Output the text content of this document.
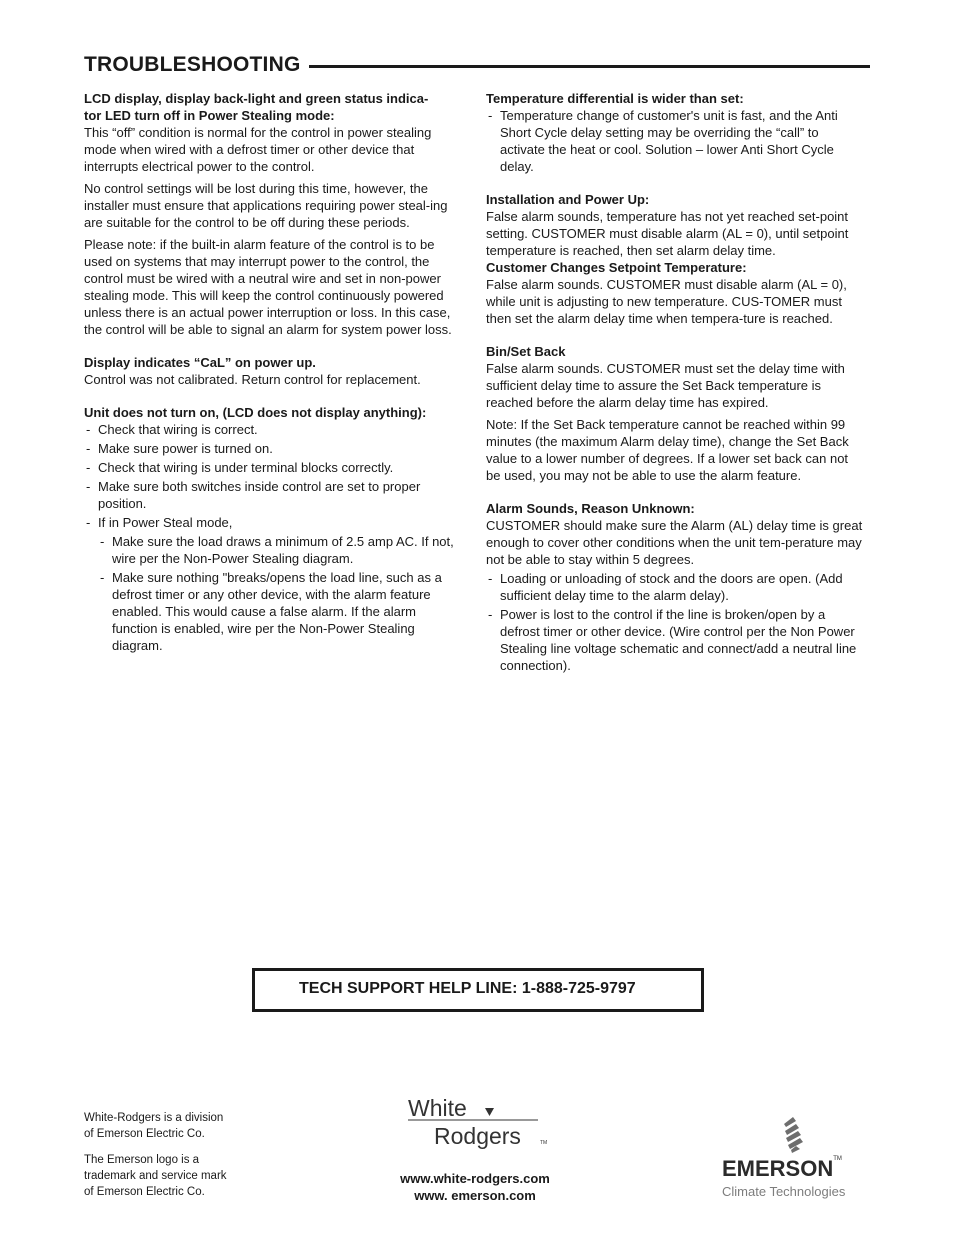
TROUBLESHOOTING

LCD display, display back-light and green status indica-
tor LED turn off in Power Stealing mode:

This “off” condition is normal for the control in power stealing mode when wired with a defrost timer or other device that interrupts electrical power to the control.

No control settings will be lost during this time, however, the installer must ensure that applications requiring power steal-ing are suitable for the control to be off during these periods.

Please note: if the built-in alarm feature of the control is to be used on systems that may interrupt power to the control, the control must be wired with a neutral wire and set in non-power stealing mode. This will keep the control continuously powered unless there is an actual power interruption or loss. In this case, the control will be able to signal an alarm for system power loss.

Display indicates “CaL” on power up.

Control was not calibrated. Return control for replacement.

Unit does not turn on, (LCD does not display anything):

- Check that wiring is correct.
- Make sure power is turned on.
- Check that wiring is under terminal blocks correctly.
- Make sure both switches inside control are set to proper position.
- If in Power Steal mode,
- Make sure the load draws a minimum of 2.5 amp AC. If not, wire per the Non-Power Stealing diagram.
- Make sure nothing "breaks/opens the load line, such as a defrost timer or any other device, with the alarm feature enabled. This would cause a false alarm. If the alarm function is enabled, wire per the Non-Power Stealing diagram.

Temperature differential is wider than set:

- Temperature change of customer's unit is fast, and the Anti Short Cycle delay setting may be overriding the “call” to activate the heat or cool. Solution – lower Anti Short Cycle delay.

Installation and Power Up:

False alarm sounds, temperature has not yet reached set-point setting. CUSTOMER must disable alarm (AL = 0), until setpoint temperature is reached, then set alarm delay time.

Customer Changes Setpoint Temperature:

False alarm sounds. CUSTOMER must disable alarm (AL = 0), while unit is adjusting to new temperature. CUS-TOMER must then set the alarm delay time when tempera-ture is reached.

Bin/Set Back

False alarm sounds. CUSTOMER must set the delay time with sufficient delay time to assure the Set Back temperature is reached before the alarm delay time has expired.

Note: If the Set Back temperature cannot be reached within 99 minutes (the maximum Alarm delay time), change the Set Back value to a lower number of degrees. If a lower set back can not be used, you may not be able to use the alarm feature.

Alarm Sounds, Reason Unknown:

CUSTOMER should make sure the Alarm (AL) delay time is great enough to cover other conditions when the unit tem-perature may not be able to stay within 5 degrees.

- Loading or unloading of stock and the doors are open. (Add sufficient delay time to the alarm delay).
- Power is lost to the control if the line is broken/open by a defrost timer or other device. (Wire control per the Non Power Stealing line voltage schematic and connect/add a neutral line connection).
TECH SUPPORT HELP LINE: 1-888-725-9797

White-Rodgers is a division
of Emerson Electric Co.

The Emerson logo is a
trademark and service mark
of Emerson Electric Co.

White
Rodgers	TM
www.white-rodgers.com
www. emerson.com
EMERSON™
Climate Technologies
